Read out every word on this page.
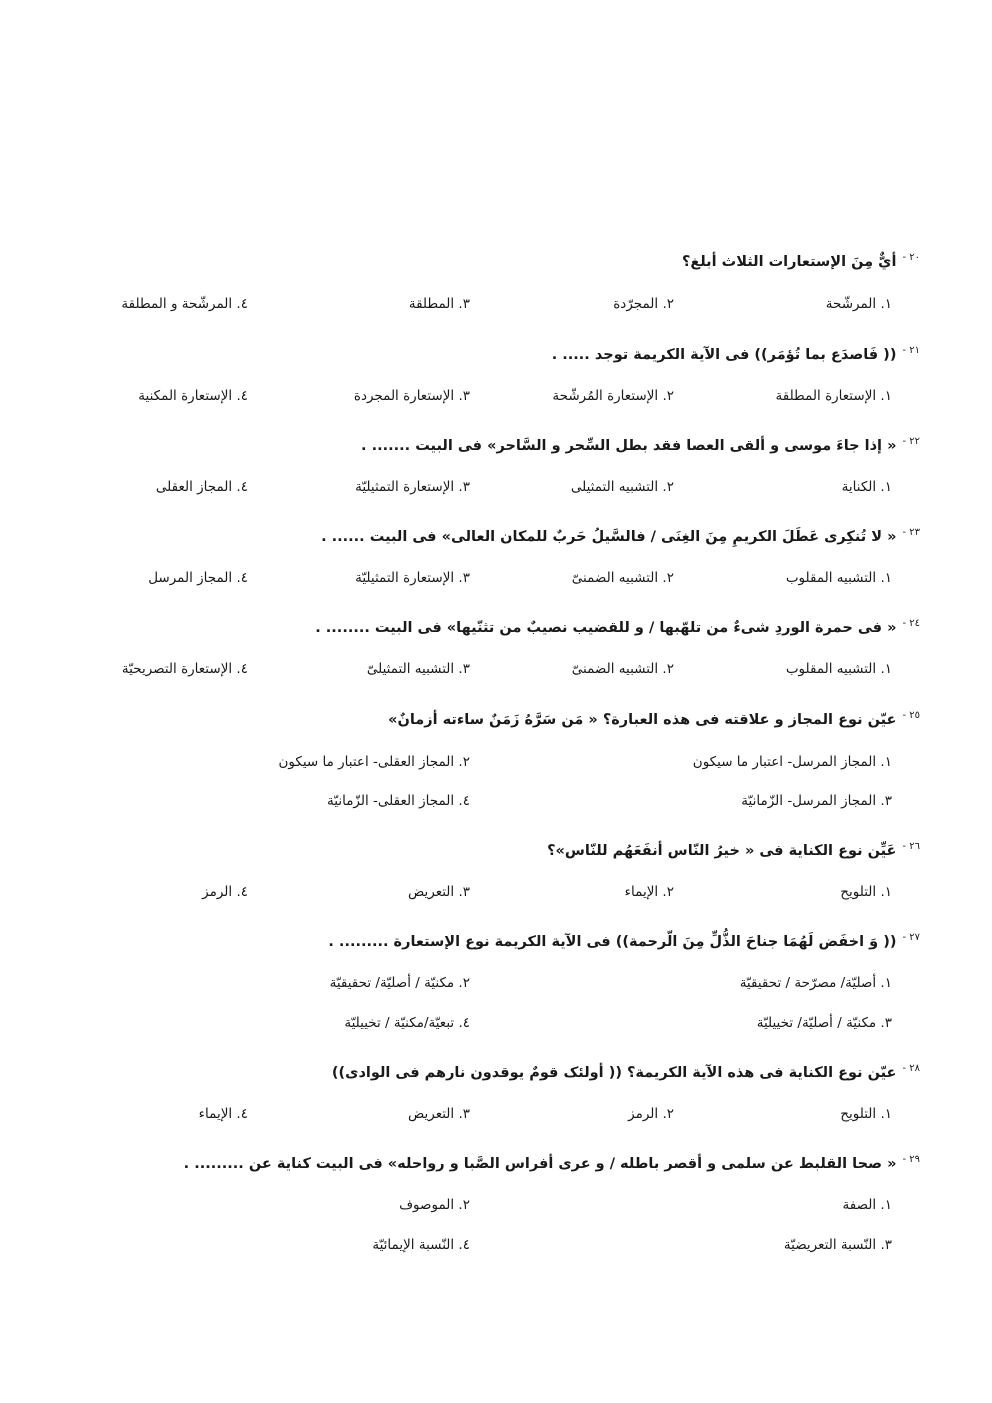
$^{٢٠ -}$أيٌّ مِنَ الإستعارات الثلاث أبلغ؟
١. المرشّحة
٢. المجرّدة
٣. المطلقة
٤. المرشّحة و المطلقة
$^{٢١ -}$(( فَاصدَع بما تُؤمَر)) فی الآیة الکریمة توجد ..... .
١. الإستعارة المطلقة
٢. الإستعارة المُرشّحة
٣. الإستعارة المجردة
٤. الإستعارة المکنیة
$^{٢٢ -}$« إذا جاءَ موسی و ألقی العصا فقد بطل السِّحر و السَّاحر» فی البیت ....... .
١. الکنایة
٢. التشبیه التمثیلی
٣. الإستعارة التمثیلیّة
٤. المجاز العقلی
$^{٢٣ -}$« لا تُنکِری عَطَلَ الکریمِ مِنَ الغِنَی / فالسَّیلُ حَربٌ للمکان العالی» فی البیت ...... .
١. التشبیه المقلوب
٢. التشبیه الضمنیّ
٣. الإستعارة التمثیلیّة
٤. المجاز المرسل
$^{٢٤ -}$« فی حمرة الوردِ شیءٌ من تلهّبها / و للقضیب نصیبٌ من تثنّیها» فی البیت ........ .
١. التشبیه المقلوب
٢. التشبیه الضمنیّ
٣. التشبیه التمثیلیّ
٤. الإستعارة التصریحیّة
$^{٢٥ -}$عیّن نوع المجاز و علاقته فی هذه العبارة؟ « مَن سَرَّهُ زَمَنٌ ساءته أزمانٌ»
١. المجاز المرسل- اعتبار ما سیکون
٢. المجاز العقلی- اعتبار ما سیکون
٣. المجاز المرسل- الزّمانیّة
٤. المجاز العقلی- الزّمانیّة
$^{٢٦ -}$عَیِّن نوع الکنایة فی « خیرُ النّاس أنفَعَهُم للنّاس»؟
١. التلویح
٢. الإیماء
٣. التعریض
٤. الرمز
$^{٢٧ -}$(( وَ اخفَض لَهُمَا جناحَ الذُّلِّ مِنَ الّرحمة)) فی الآیة الکریمة نوع الإستعارة ......... .
١. أصلیّة/ مصرّحة / تحقیقیّة
٢. مکنیّة / أصلیّة/ تحقیقیّة
٣. مکنیّة / أصلیّة/ تخییلیّة
٤. تبعیّة/مکنیّة / تخییلیّة
$^{٢٨ -}$عیّن نوع الکنایة فی هذه الآیة الکریمة؟ (( أولئک قومٌ یوقدون نارهم فی الوادی))
١. التلویح
٢. الرمز
٣. التعریض
٤. الإیماء
$^{٢٩ -}$« صحا القلبط عن سلمی و أقصر باطله / و عری أفراس الصَّبا و رواحله» فی البیت کنایة عن ......... .
١. الصفة
٢. الموصوف
٣. النّسبة التعریضیّة
٤. النّسبة الإیمائیّة
